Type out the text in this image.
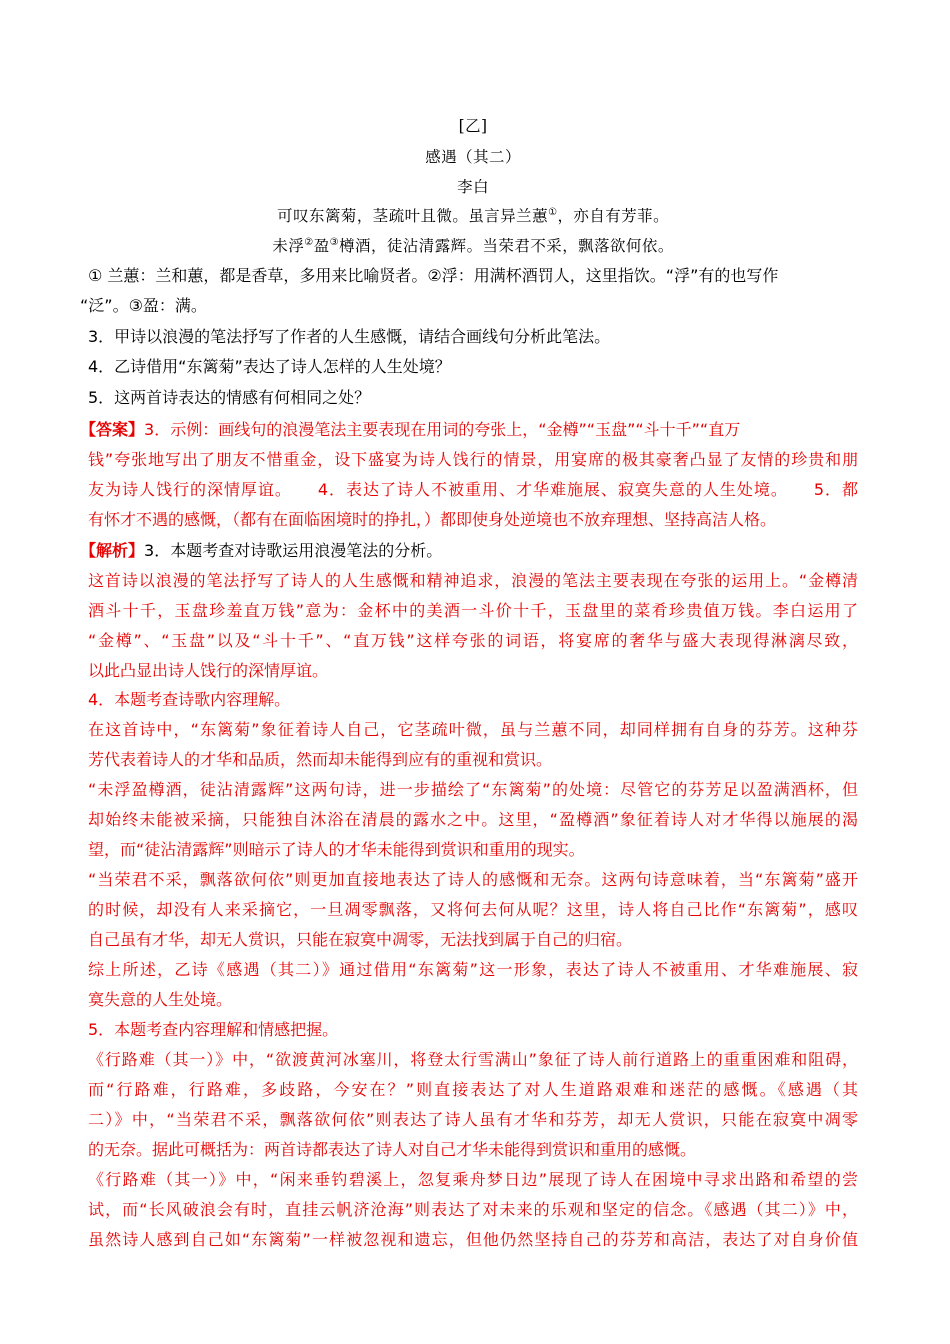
[乙]
感遇（其二）
李白
可叹东篱菊，茎疏叶且微。虽言异兰蕙①，亦自有芳菲。
未浮②盈③樽酒，徒沾清露辉。当荣君不采，飘落欲何依。
① 兰蕙：兰和蕙，都是香草，多用来比喻贤者。②浮：用满杯酒罚人，这里指饮。“浮”有的也写作
“泛”。③盈：满。
3．甲诗以浪漫的笔法抒写了作者的人生感慨，请结合画线句分析此笔法。
4．乙诗借用“东篱菊”表达了诗人怎样的人生处境？
5．这两首诗表达的情感有何相同之处？
【答案】3．示例：画线句的浪漫笔法主要表现在用词的夸张上，“金樽”“玉盘”“斗十千”“直万
钱”夸张地写出了朋友不惜重金，设下盛宴为诗人饯行的情景，用宴席的极其豪奢凸显了友情的珍贵和朋
友为诗人饯行的深情厚谊。　　4．表达了诗人不被重用、才华难施展、寂寞失意的人生处境。　　5．都
有怀才不遇的感慨，（都有在面临困境时的挣扎，）都即使身处逆境也不放弃理想、坚持高洁人格。
【解析】3．本题考查对诗歌运用浪漫笔法的分析。
这首诗以浪漫的笔法抒写了诗人的人生感慨和精神追求，浪漫的笔法主要表现在夸张的运用上。“金樽清
酒斗十千，玉盘珍羞直万钱”意为：金杯中的美酒一斗价十千，玉盘里的菜肴珍贵值万钱。李白运用了
“金樽”、“玉盘”以及“斗十千”、“直万钱”这样夸张的词语，将宴席的奢华与盛大表现得淋漓尽致，
以此凸显出诗人饯行的深情厚谊。
4．本题考查诗歌内容理解。
在这首诗中，“东篱菊”象征着诗人自己，它茎疏叶微，虽与兰蕙不同，却同样拥有自身的芬芳。这种芬
芳代表着诗人的才华和品质，然而却未能得到应有的重视和赏识。
“未浮盈樽酒，徒沾清露辉”这两句诗，进一步描绘了“东篱菊”的处境：尽管它的芬芳足以盈满酒杯，但
却始终未能被采摘，只能独自沐浴在清晨的露水之中。这里，“盈樽酒”象征着诗人对才华得以施展的渴
望，而“徒沾清露辉”则暗示了诗人的才华未能得到赏识和重用的现实。
“当荣君不采，飘落欲何依”则更加直接地表达了诗人的感慨和无奈。这两句诗意味着，当“东篱菊”盛开
的时候，却没有人来采摘它，一旦凋零飘落，又将何去何从呢？这里，诗人将自己比作“东篱菊”，感叹
自己虽有才华，却无人赏识，只能在寂寞中凋零，无法找到属于自己的归宿。
综上所述，乙诗《感遇（其二）》通过借用“东篱菊”这一形象，表达了诗人不被重用、才华难施展、寂
寞失意的人生处境。
5．本题考查内容理解和情感把握。
《行路难（其一）》中，“欲渡黄河冰塞川，将登太行雪满山”象征了诗人前行道路上的重重困难和阻碍，
而“行路难，行路难，多歧路，今安在？”则直接表达了对人生道路艰难和迷茫的感慨。《感遇（其
二）》中，“当荣君不采，飘落欲何依”则表达了诗人虽有才华和芬芳，却无人赏识，只能在寂寞中凋零
的无奈。据此可概括为：两首诗都表达了诗人对自己才华未能得到赏识和重用的感慨。
《行路难（其一）》中，“闲来垂钓碧溪上，忽复乘舟梦日边”展现了诗人在困境中寻求出路和希望的尝
试，而“长风破浪会有时，直挂云帆济沧海”则表达了对未来的乐观和坚定的信念。《感遇（其二）》中，
虽然诗人感到自己如“东篱菊”一样被忽视和遗忘，但他仍然坚持自己的芬芳和高洁，表达了对自身价值
